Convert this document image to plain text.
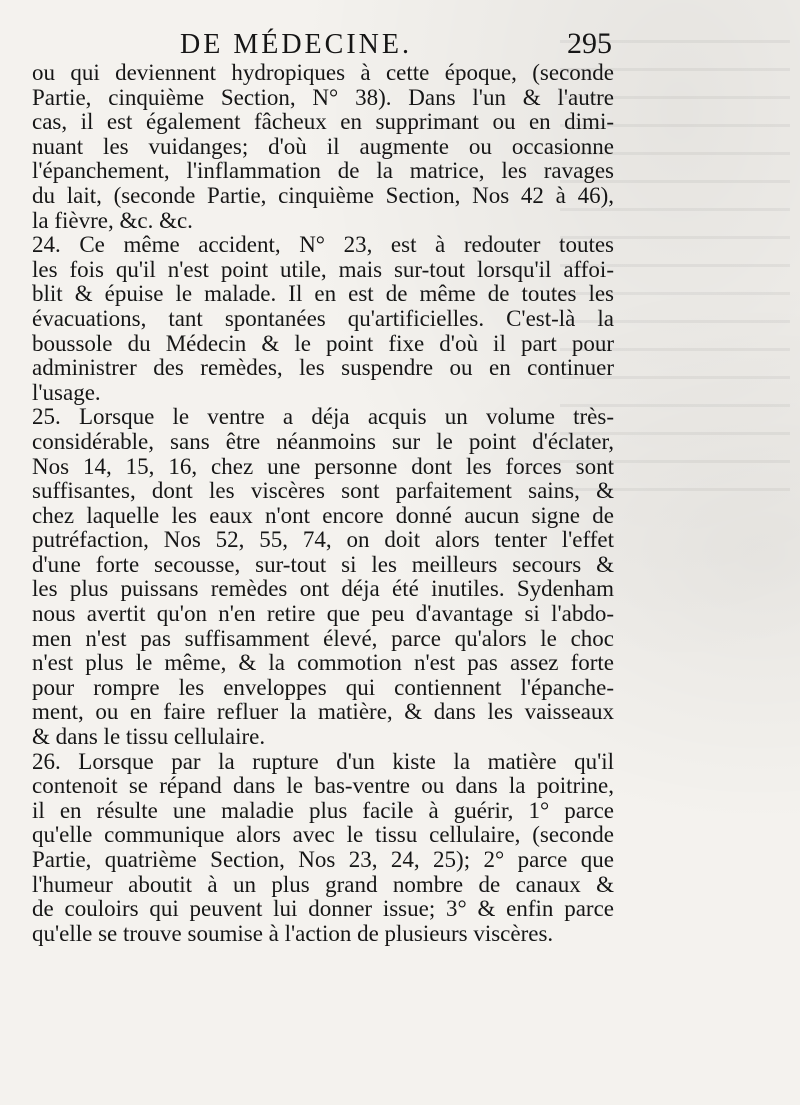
DE MÉDECINE.	295
ou qui deviennent hydropiques à cette époque, (seconde
Partie, cinquième Section, N° 38). Dans l'un & l'autre
cas, il est également fâcheux en supprimant ou en dimi-
nuant les vuidanges; d'où il augmente ou occasionne
l'épanchement, l'inflammation de la matrice, les ravages
du lait, (seconde Partie, cinquième Section, Nos 42 à 46),
la fièvre, &c. &c.
24. Ce même accident, N° 23, est à redouter toutes
les fois qu'il n'est point utile, mais sur-tout lorsqu'il affoi-
blit & épuise le malade. Il en est de même de toutes les
évacuations, tant spontanées qu'artificielles. C'est-là la
boussole du Médecin & le point fixe d'où il part pour
administrer des remèdes, les suspendre ou en continuer
l'usage.
25. Lorsque le ventre a déja acquis un volume très-
considérable, sans être néanmoins sur le point d'éclater,
Nos 14, 15, 16, chez une personne dont les forces sont
suffisantes, dont les viscères sont parfaitement sains, &
chez laquelle les eaux n'ont encore donné aucun signe de
putréfaction, Nos 52, 55, 74, on doit alors tenter l'effet
d'une forte secousse, sur-tout si les meilleurs secours &
les plus puissans remèdes ont déja été inutiles. Sydenham
nous avertit qu'on n'en retire que peu d'avantage si l'abdo-
men n'est pas suffisamment élevé, parce qu'alors le choc
n'est plus le même, & la commotion n'est pas assez forte
pour rompre les enveloppes qui contiennent l'épanche-
ment, ou en faire refluer la matière, & dans les vaisseaux
& dans le tissu cellulaire.
26. Lorsque par la rupture d'un kiste la matière qu'il
contenoit se répand dans le bas-ventre ou dans la poitrine,
il en résulte une maladie plus facile à guérir, 1° parce
qu'elle communique alors avec le tissu cellulaire, (seconde
Partie, quatrième Section, Nos 23, 24, 25); 2° parce que
l'humeur aboutit à un plus grand nombre de canaux &
de couloirs qui peuvent lui donner issue; 3° & enfin parce
qu'elle se trouve soumise à l'action de plusieurs viscères.
